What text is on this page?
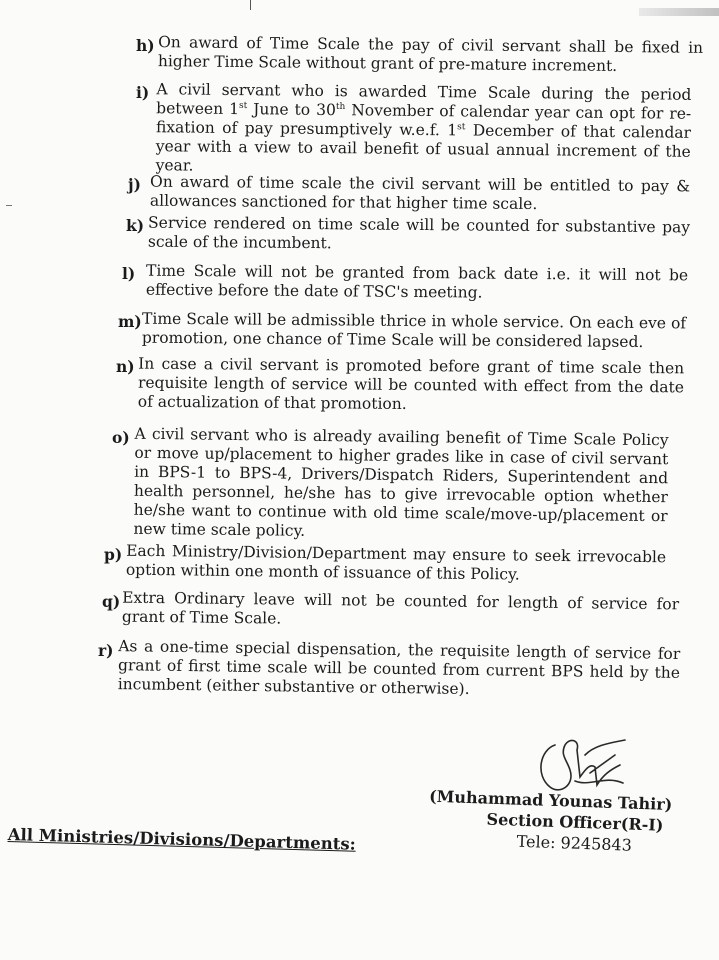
h) On award of Time Scale the pay of civil servant shall be fixed in higher Time Scale without grant of pre-mature increment.
i) A civil servant who is awarded Time Scale during the period between 1st June to 30th November of calendar year can opt for re-fixation of pay presumptively w.e.f. 1st December of that calendar year with a view to avail benefit of usual annual increment of the year.
j) On award of time scale the civil servant will be entitled to pay & allowances sanctioned for that higher time scale.
k) Service rendered on time scale will be counted for substantive pay scale of the incumbent.
l) Time Scale will not be granted from back date i.e. it will not be effective before the date of TSC's meeting.
m) Time Scale will be admissible thrice in whole service. On each eve of promotion, one chance of Time Scale will be considered lapsed.
n) In case a civil servant is promoted before grant of time scale then requisite length of service will be counted with effect from the date of actualization of that promotion.
o) A civil servant who is already availing benefit of Time Scale Policy or move up/placement to higher grades like in case of civil servant in BPS-1 to BPS-4, Drivers/Dispatch Riders, Superintendent and health personnel, he/she has to give irrevocable option whether he/she want to continue with old time scale/move-up/placement or new time scale policy.
p) Each Ministry/Division/Department may ensure to seek irrevocable option within one month of issuance of this Policy.
q) Extra Ordinary leave will not be counted for length of service for grant of Time Scale.
r) As a one-time special dispensation, the requisite length of service for grant of first time scale will be counted from current BPS held by the incumbent (either substantive or otherwise).
(Muhammad Younas Tahir)
Section Officer(R-I)
Tele: 9245843
All Ministries/Divisions/Departments:
